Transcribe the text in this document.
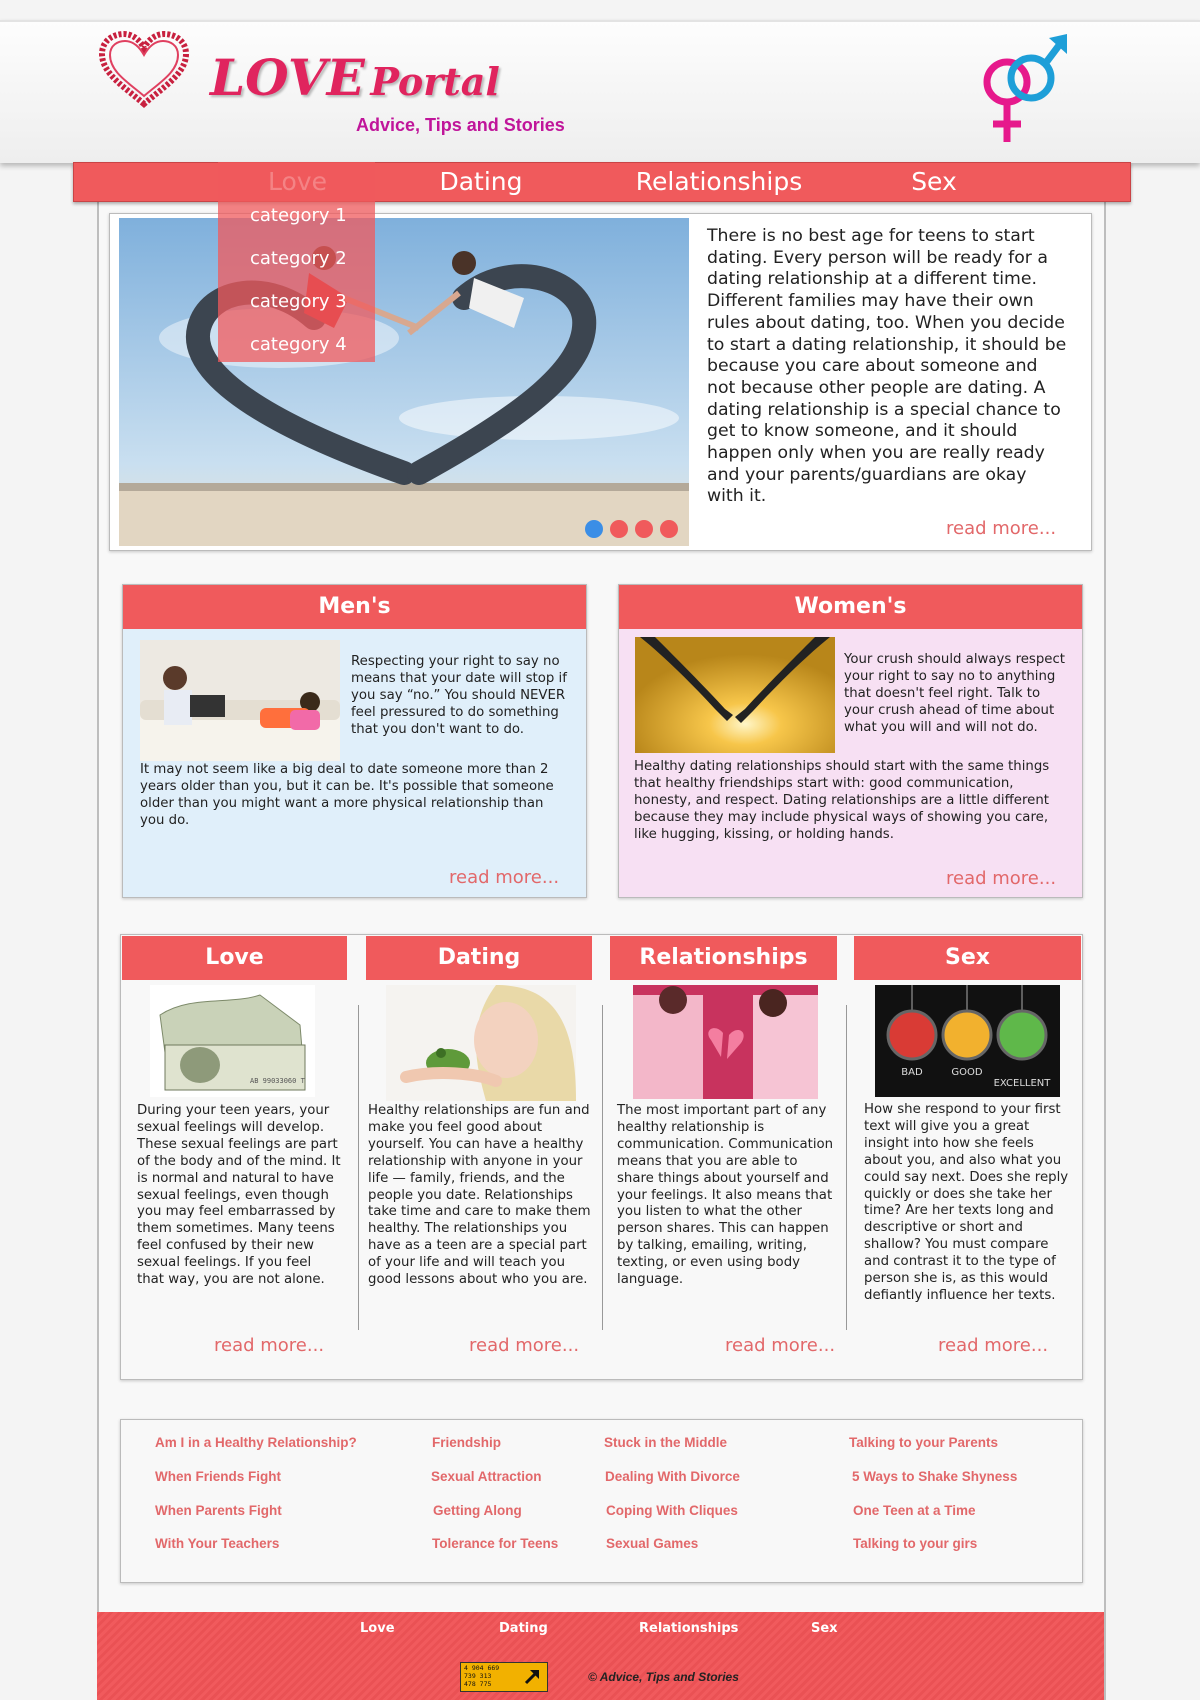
LOVE Portal
Advice, Tips and Stories
Dating	Relationships	Sex
There is no best age for teens to start dating. Every person will be ready for a dating relationship at a different time. Different families may have their own rules about dating, too. When you decide to start a dating relationship, it should be because you care about someone and not because other people are dating. A dating relationship is a special chance to get to know someone, and it should happen only when you are really ready and your parents/guardians are okay with it.
read more...
category 1
category 2
category 3
category 4
Men's
Respecting your right to say no means that your date will stop if you say “no.” You should NEVER feel pressured to do something that you don't want to do.
It may not seem like a big deal to date someone more than 2 years older than you, but it can be. It's possible that someone older than you might want a more physical relationship than you do.
read more...
Women's
Your crush should always respect your right to say no to anything that doesn't feel right. Talk to your crush ahead of time about what you will and will not do.
Healthy dating relationships should start with the same things that healthy friendships start with: good communication, honesty, and respect. Dating relationships are a little different because they may include physical ways of showing you care, like hugging, kissing, or holding hands.
read more...
Love	Dating	Relationships	Sex
AB 99033060 T
BAD	GOOD
EXCELLENT
During your teen years, your sexual feelings will develop. These sexual feelings are part of the body and of the mind. It is normal and natural to have sexual feelings, even though you may feel embarrassed by them sometimes. Many teens feel confused by their new sexual feelings. If you feel that way, you are not alone.
Healthy relationships are fun and make you feel good about yourself. You can have a healthy relationship with anyone in your life — family, friends, and the people you date. Relationships take time and care to make them healthy. The relationships you have as a teen are a special part of your life and will teach you good lessons about who you are.
The most important part of any healthy relationship is communication. Communication means that you are able to share things about yourself and your feelings. It also means that you listen to what the other person shares. This can happen by talking, emailing, writing, texting, or even using body language.
How she respond to your first text will give you a great insight into how she feels about you, and also what you could say next. Does she reply quickly or does she take her time? Are her texts long and descriptive or short and shallow? You must compare and contrast it to the type of person she is, as this would defiantly influence her texts.
read more...	read more...	read more...	read more...
Am I in a Healthy Relationship?
When Friends Fight
When Parents Fight
With Your Teachers
Friendship
Sexual Attraction
Getting Along
Tolerance for Teens
Stuck in the Middle
Dealing With Divorce
Coping With Cliques
Sexual Games
Talking to your Parents
5 Ways to Shake Shyness
One Teen at a Time
Talking to your girs
Love	Dating	Relationships	Sex
4 904 669
739 313
478 775	© Advice, Tips and Stories
